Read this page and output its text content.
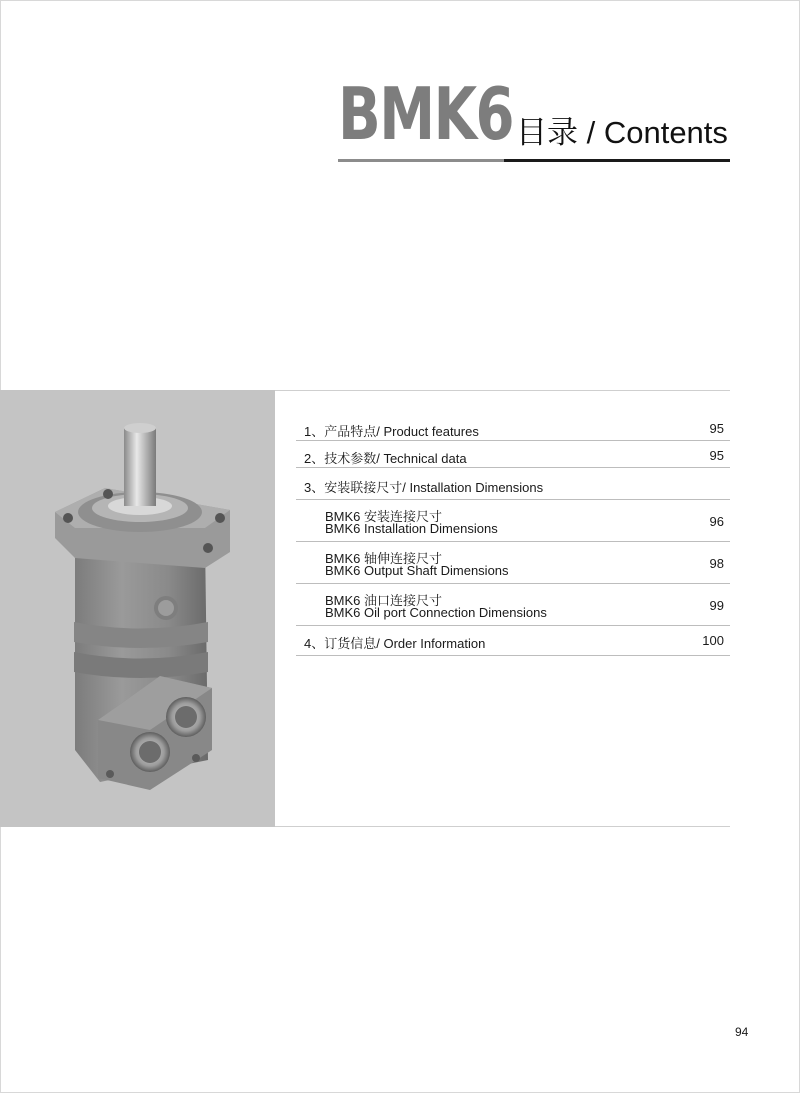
BMK6 目录 / Contents
1、产品特点/ Product features	95
2、技术参数/ Technical data	95
3、安装联接尺寸/ Installation Dimensions
BMK6 安装连接尺寸
BMK6 Installation Dimensions	96
BMK6 轴伸连接尺寸
BMK6 Output Shaft Dimensions	98
BMK6 油口连接尺寸
BMK6 Oil port Connection Dimensions	99
4、订货信息/ Order Information	100
94
